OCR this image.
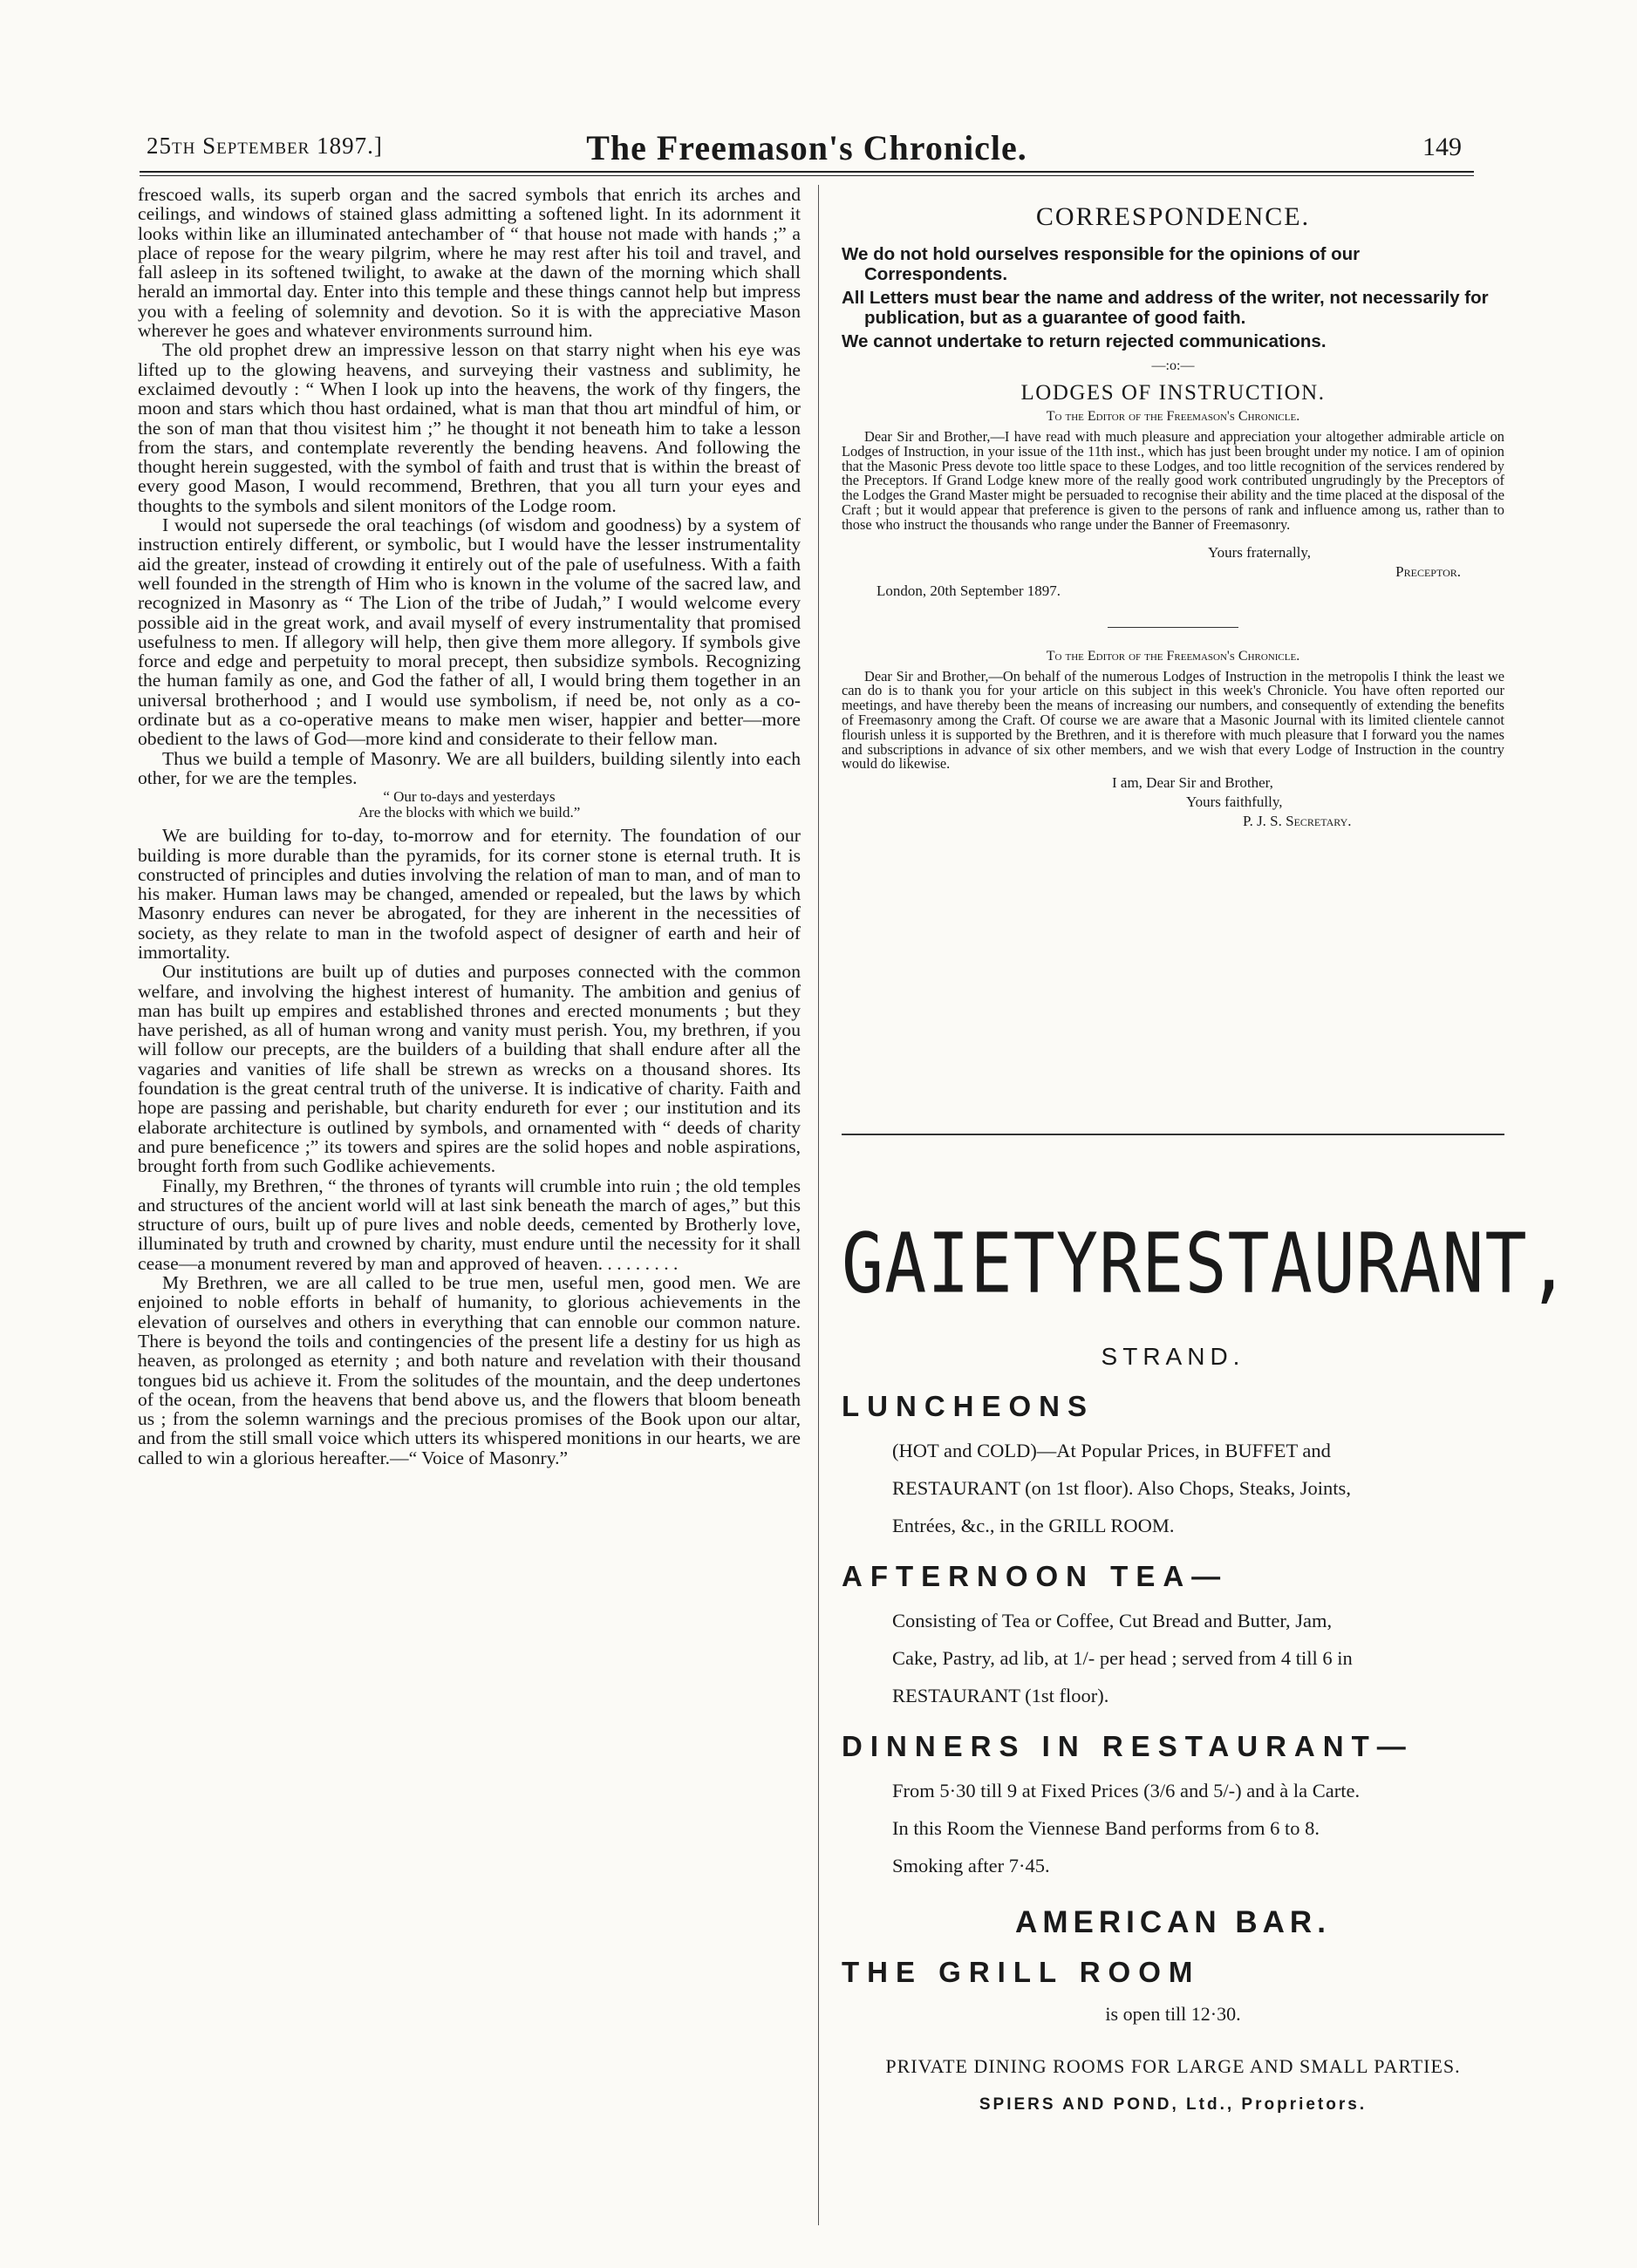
25th September 1897.]	The Freemason's Chronicle.	149

frescoed walls, its superb organ and the sacred symbols that enrich its arches and ceilings, and windows of stained glass admitting a softened light. In its adornment it looks within like an illuminated antechamber of “ that house not made with hands ;” a place of repose for the weary pilgrim, where he may rest after his toil and travel, and fall asleep in its softened twilight, to awake at the dawn of the morning which shall herald an immortal day. Enter into this temple and these things cannot help but impress you with a feeling of solemnity and devotion. So it is with the appreciative Mason wherever he goes and whatever environments surround him.

The old prophet drew an impressive lesson on that starry night when his eye was lifted up to the glowing heavens, and surveying their vastness and sublimity, he exclaimed devoutly : “ When I look up into the heavens, the work of thy fingers, the moon and stars which thou hast ordained, what is man that thou art mindful of him, or the son of man that thou visitest him ;” he thought it not beneath him to take a lesson from the stars, and contemplate reverently the bending heavens. And following the thought herein suggested, with the symbol of faith and trust that is within the breast of every good Mason, I would recommend, Brethren, that you all turn your eyes and thoughts to the symbols and silent monitors of the Lodge room.

I would not supersede the oral teachings (of wisdom and goodness) by a system of instruction entirely different, or symbolic, but I would have the lesser instrumentality aid the greater, instead of crowding it entirely out of the pale of usefulness. With a faith well founded in the strength of Him who is known in the volume of the sacred law, and recognized in Masonry as “ The Lion of the tribe of Judah,” I would welcome every possible aid in the great work, and avail myself of every instrumentality that promised usefulness to men. If allegory will help, then give them more allegory. If symbols give force and edge and perpetuity to moral precept, then subsidize symbols. Recognizing the human family as one, and God the father of all, I would bring them together in an universal brotherhood ; and I would use symbolism, if need be, not only as a co-ordinate but as a co-operative means to make men wiser, happier and better—more obedient to the laws of God—more kind and considerate to their fellow man.

Thus we build a temple of Masonry. We are all builders, building silently into each other, for we are the temples.

“ Our to-days and yesterdays
Are the blocks with which we build.”

We are building for to-day, to-morrow and for eternity. The foundation of our building is more durable than the pyramids, for its corner stone is eternal truth. It is constructed of principles and duties involving the relation of man to man, and of man to his maker. Human laws may be changed, amended or repealed, but the laws by which Masonry endures can never be abrogated, for they are inherent in the necessities of society, as they relate to man in the twofold aspect of designer of earth and heir of immortality.

Our institutions are built up of duties and purposes connected with the common welfare, and involving the highest interest of humanity. The ambition and genius of man has built up empires and established thrones and erected monuments ; but they have perished, as all of human wrong and vanity must perish. You, my brethren, if you will follow our precepts, are the builders of a building that shall endure after all the vagaries and vanities of life shall be strewn as wrecks on a thousand shores. Its foundation is the great central truth of the universe. It is indicative of charity. Faith and hope are passing and perishable, but charity endureth for ever ; our institution and its elaborate architecture is outlined by symbols, and ornamented with “ deeds of charity and pure beneficence ;” its towers and spires are the solid hopes and noble aspirations, brought forth from such Godlike achievements.

Finally, my Brethren, “ the thrones of tyrants will crumble into ruin ; the old temples and structures of the ancient world will at last sink beneath the march of ages,” but this structure of ours, built up of pure lives and noble deeds, cemented by Brotherly love, illuminated by truth and crowned by charity, must endure until the necessity for it shall cease—a monument revered by man and approved of heaven. . . . . . . . .

My Brethren, we are all called to be true men, useful men, good men. We are enjoined to noble efforts in behalf of humanity, to glorious achievements in the elevation of ourselves and others in everything that can ennoble our common nature. There is beyond the toils and contingencies of the present life a destiny for us high as heaven, as prolonged as eternity ; and both nature and revelation with their thousand tongues bid us achieve it. From the solitudes of the mountain, and the deep undertones of the ocean, from the heavens that bend above us, and the flowers that bloom beneath us ; from the solemn warnings and the precious promises of the Book upon our altar, and from the still small voice which utters its whispered monitions in our hearts, we are called to win a glorious hereafter.—“ Voice of Masonry.”

CORRESPONDENCE.
We do not hold ourselves responsible for the opinions of our Correspondents.
All Letters must bear the name and address of the writer, not necessarily for publication, but as a guarantee of good faith.
We cannot undertake to return rejected communications.
—:o:—
LODGES OF INSTRUCTION.
To the Editor of the Freemason's Chronicle.
Dear Sir and Brother,—I have read with much pleasure and appreciation your altogether admirable article on Lodges of Instruction, in your issue of the 11th inst., which has just been brought under my notice. I am of opinion that the Masonic Press devote too little space to these Lodges, and too little recognition of the services rendered by the Preceptors. If Grand Lodge knew more of the really good work contributed ungrudingly by the Preceptors of the Lodges the Grand Master might be persuaded to recognise their ability and the time placed at the disposal of the Craft ; but it would appear that preference is given to the persons of rank and influence among us, rather than to those who instruct the thousands who range under the Banner of Freemasonry.
Yours fraternally,
Preceptor.
London, 20th September 1897.
To the Editor of the Freemason's Chronicle.
Dear Sir and Brother,—On behalf of the numerous Lodges of Instruction in the metropolis I think the least we can do is to thank you for your article on this subject in this week's Chronicle. You have often reported our meetings, and have thereby been the means of increasing our numbers, and consequently of extending the benefits of Freemasonry among the Craft. Of course we are aware that a Masonic Journal with its limited clientele cannot flourish unless it is supported by the Brethren, and it is therefore with much pleasure that I forward you the names and subscriptions in advance of six other members, and we wish that every Lodge of Instruction in the country would do likewise.
I am, Dear Sir and Brother,
Yours faithfully,
P. J. S. Secretary.
GAIETY RESTAURANT,
STRAND.
LUNCHEONS
(HOT and COLD)—At Popular Prices, in BUFFET and
RESTAURANT (on 1st floor). Also Chops, Steaks, Joints,
Entrées, &c., in the GRILL ROOM.
AFTERNOON TEA—
Consisting of Tea or Coffee, Cut Bread and Butter, Jam,
Cake, Pastry, ad lib, at 1/- per head ; served from 4 till 6 in
RESTAURANT (1st floor).
DINNERS IN RESTAURANT—
From 5·30 till 9 at Fixed Prices (3/6 and 5/-) and à la Carte.
In this Room the Viennese Band performs from 6 to 8.
Smoking after 7·45.
AMERICAN BAR.
THE GRILL ROOM
is open till 12·30.
PRIVATE DINING ROOMS FOR LARGE AND SMALL PARTIES.
SPIERS AND POND, Ltd., Proprietors.
